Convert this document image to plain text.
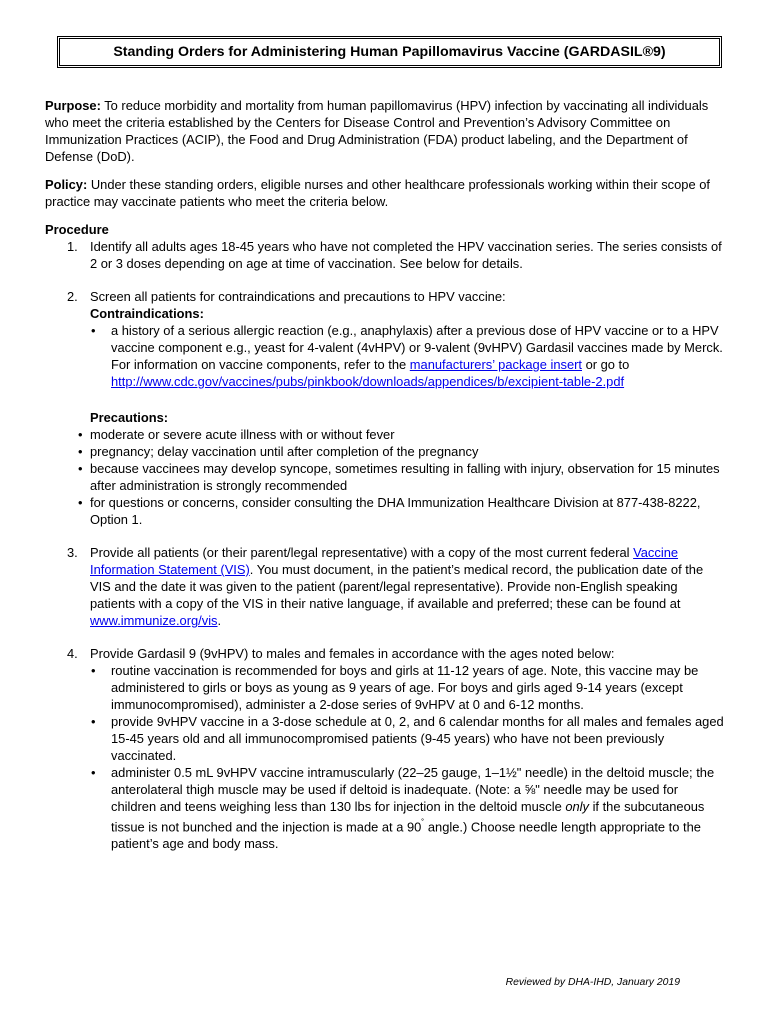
Standing Orders for Administering Human Papillomavirus Vaccine (GARDASIL®9)

Purpose: To reduce morbidity and mortality from human papillomavirus (HPV) infection by vaccinating all individuals who meet the criteria established by the Centers for Disease Control and Prevention’s Advisory Committee on Immunization Practices (ACIP), the Food and Drug Administration (FDA) product labeling, and the Department of Defense (DoD).

Policy: Under these standing orders, eligible nurses and other healthcare professionals working within their scope of practice may vaccinate patients who meet the criteria below.

Procedure

1. Identify all adults ages 18-45 years who have not completed the HPV vaccination series. The series consists of 2 or 3 doses depending on age at time of vaccination. See below for details.
2. Screen all patients for contraindications and precautions to HPV vaccine:

Contraindications:

• a history of a serious allergic reaction (e.g., anaphylaxis) after a previous dose of HPV vaccine or to a HPV vaccine component e.g., yeast for 4-valent (4vHPV) or 9-valent (9vHPV) Gardasil vaccines made by Merck. For information on vaccine components, refer to the manufacturers’ package insert or go to
http://www.cdc.gov/vaccines/pubs/pinkbook/downloads/appendices/b/excipient-table-2.pdf

Precautions:

• moderate or severe acute illness with or without fever
• pregnancy; delay vaccination until after completion of the pregnancy
• because vaccinees may develop syncope, sometimes resulting in falling with injury, observation for 15 minutes after administration is strongly recommended
• for questions or concerns, consider consulting the DHA Immunization Healthcare Division at 877-438-8222, Option 1.
3. Provide all patients (or their parent/legal representative) with a copy of the most current federal Vaccine Information Statement (VIS). You must document, in the patient’s medical record, the publication date of the VIS and the date it was given to the patient (parent/legal representative). Provide non-English speaking patients with a copy of the VIS in their native language, if available and preferred; these can be found at www.immunize.org/vis.
4. Provide Gardasil 9 (9vHPV) to males and females in accordance with the ages noted below:

• routine vaccination is recommended for boys and girls at 11-12 years of age. Note, this vaccine may be administered to girls or boys as young as 9 years of age. For boys and girls aged 9-14 years (except immunocompromised), administer a 2-dose series of 9vHPV at 0 and 6-12 months.
• provide 9vHPV vaccine in a 3-dose schedule at 0, 2, and 6 calendar months for all males and females aged 15-45 years old and all immunocompromised patients (9-45 years) who have not been previously vaccinated.
• administer 0.5 mL 9vHPV vaccine intramuscularly (22–25 gauge, 1–1½" needle) in the deltoid muscle; the anterolateral thigh muscle may be used if deltoid is inadequate. (Note: a ⅝" needle may be used for children and teens weighing less than 130 lbs for injection in the deltoid muscle only if the subcutaneous tissue is not bunched and the injection is made at a 90˚ angle.) Choose needle length appropriate to the patient’s age and body mass.
Reviewed by DHA-IHD, January 2019
